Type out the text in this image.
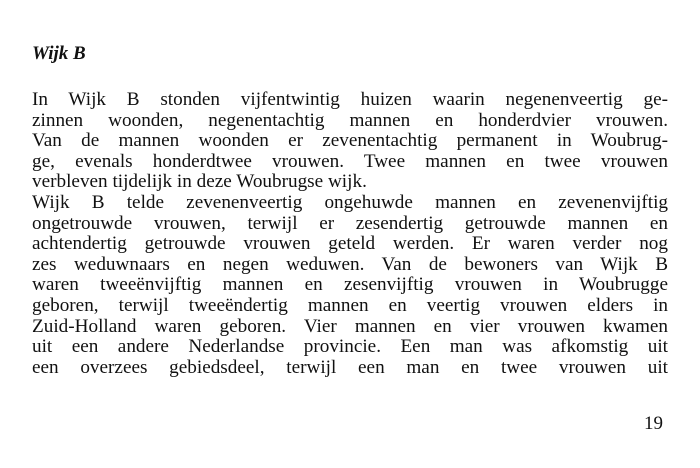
Wijk B

In Wijk B stonden vijfentwintig huizen waarin negenenveertig ge-
zinnen woonden, negenentachtig mannen en honderdvier vrouwen.
Van de mannen woonden er zevenentachtig permanent in Woubrug-
ge, evenals honderdtwee vrouwen. Twee mannen en twee vrouwen
verbleven tijdelijk in deze Woubrugse wijk.

Wijk B telde zevenenveertig ongehuwde mannen en zevenenvijftig
ongetrouwde vrouwen, terwijl er zesendertig getrouwde mannen en
achtendertig getrouwde vrouwen geteld werden. Er waren verder nog
zes weduwnaars en negen weduwen. Van de bewoners van Wijk B
waren tweeënvijftig mannen en zesenvijftig vrouwen in Woubrugge
geboren, terwijl tweeëndertig mannen en veertig vrouwen elders in
Zuid-Holland waren geboren. Vier mannen en vier vrouwen kwamen
uit een andere Nederlandse provincie. Een man was afkomstig uit
een overzees gebiedsdeel, terwijl een man en twee vrouwen uit

19
